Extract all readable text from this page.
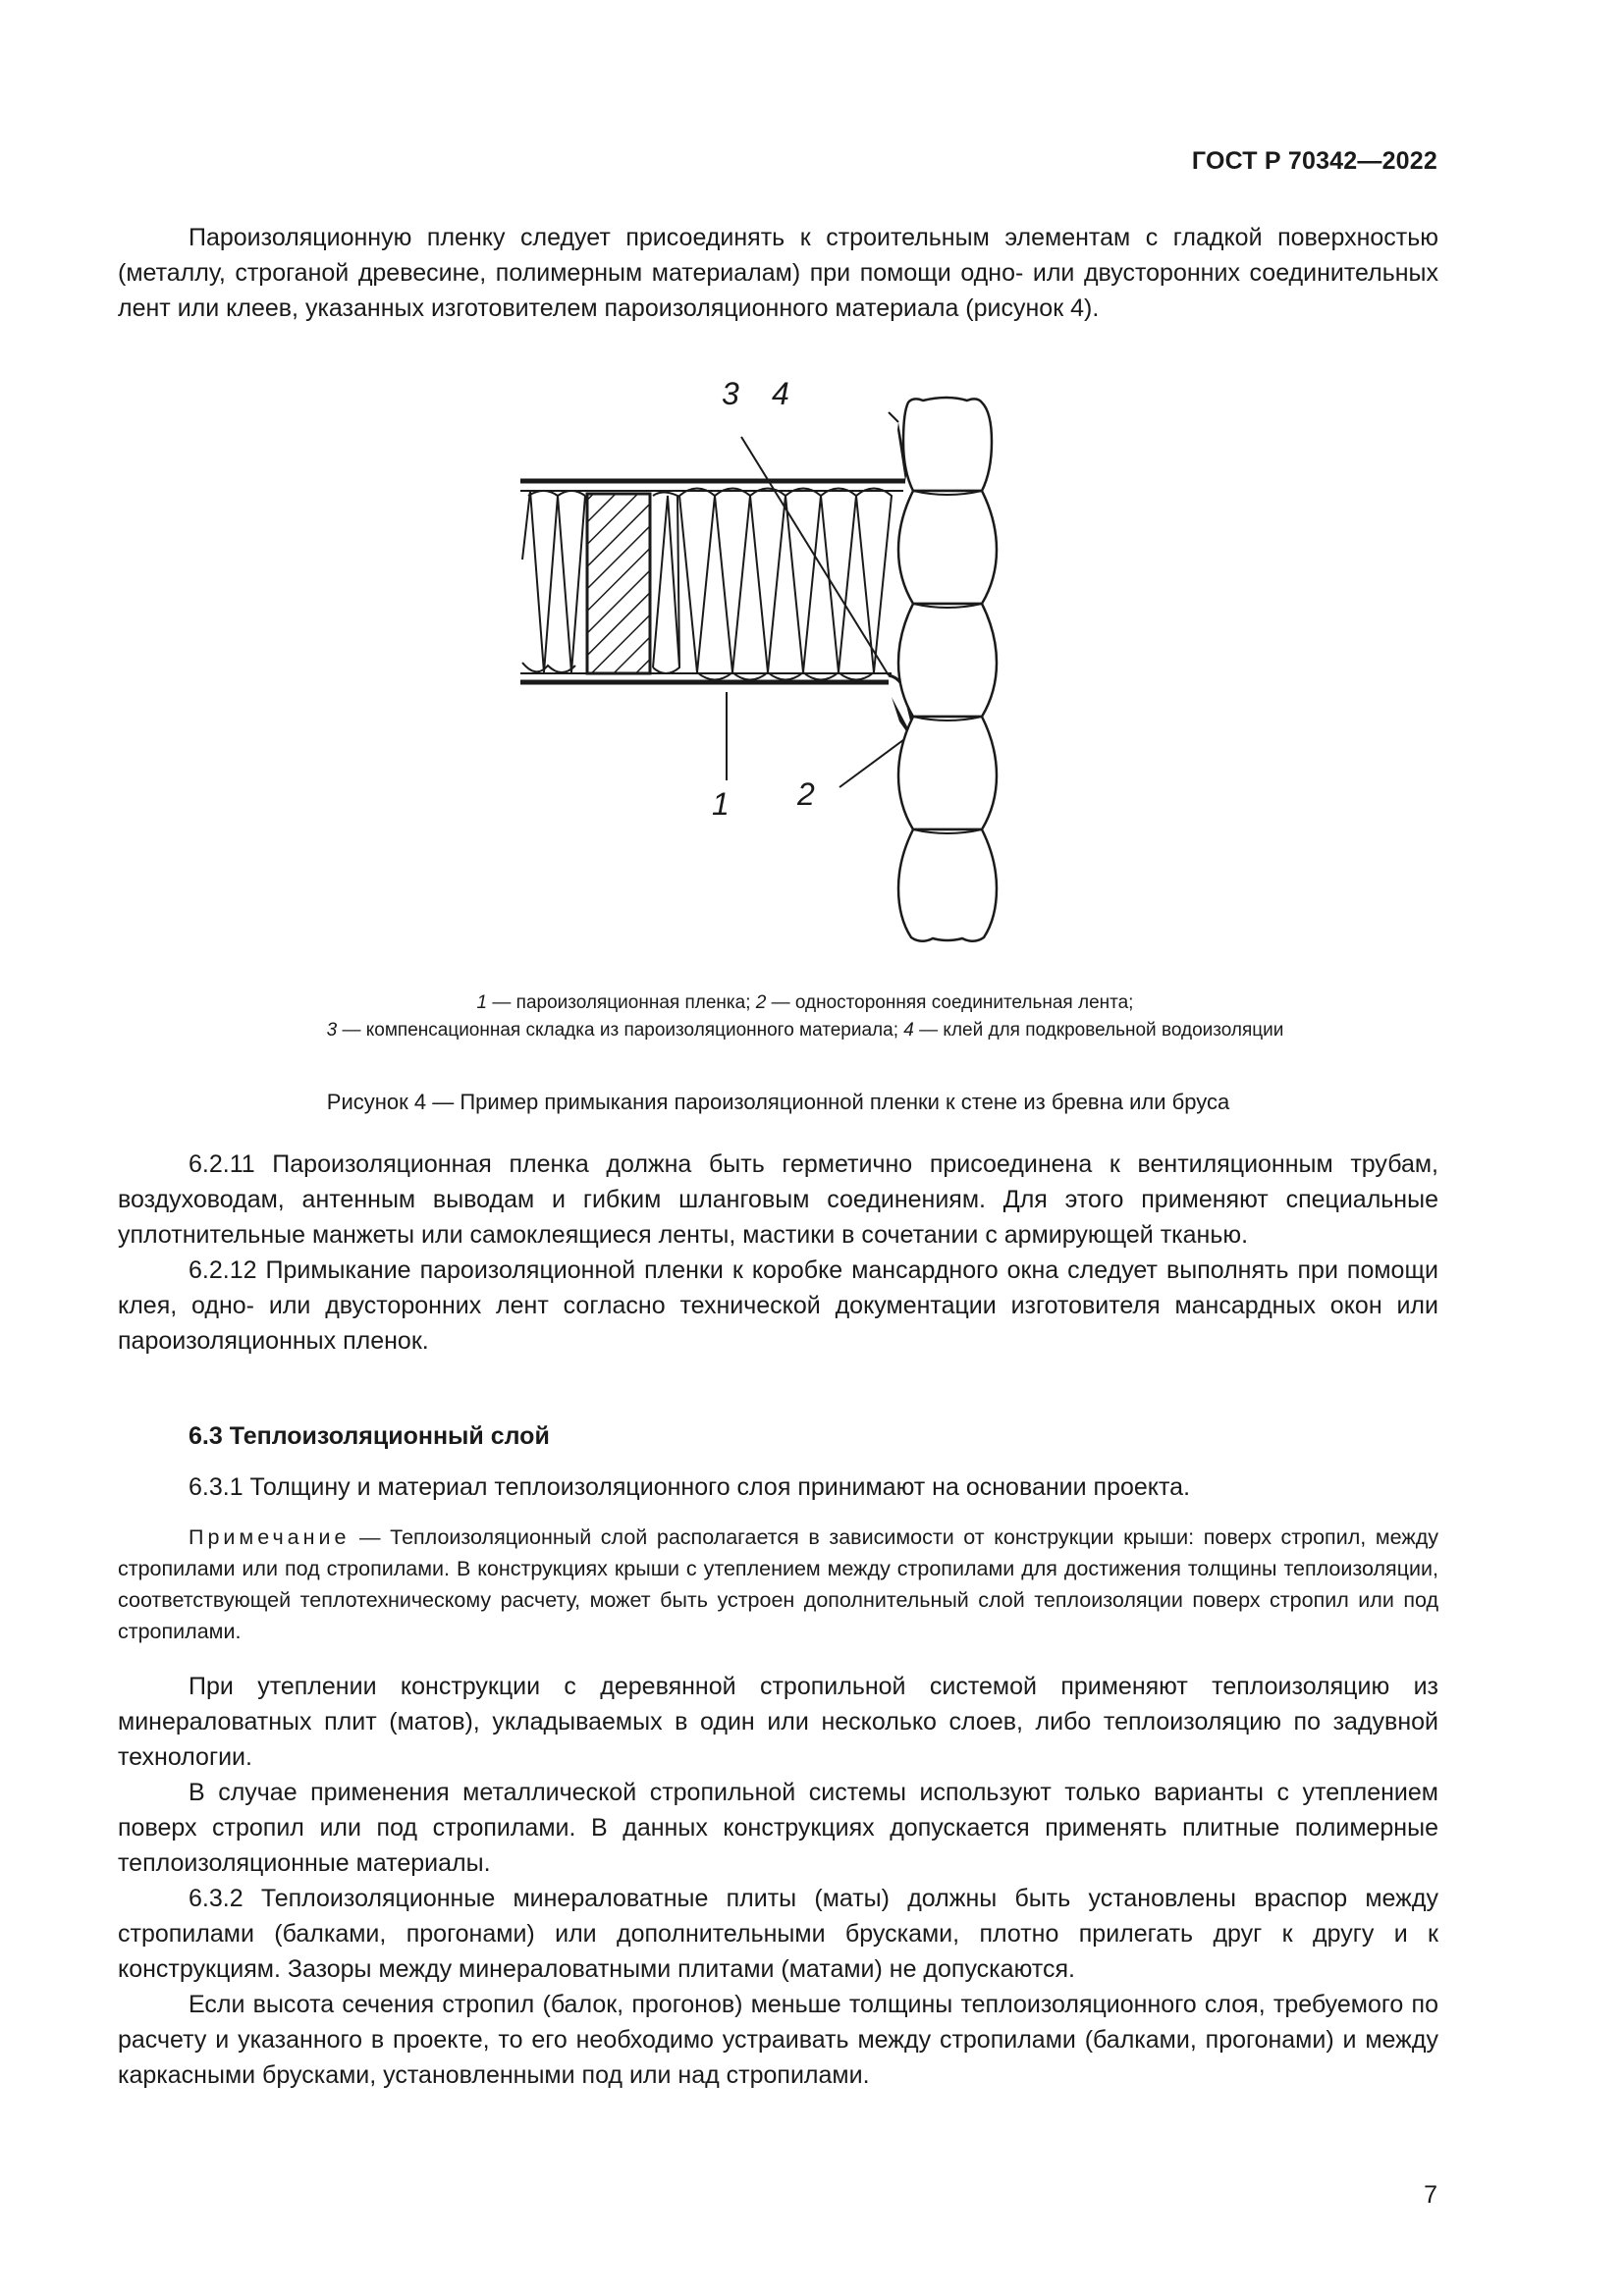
ГОСТ Р 70342—2022

Пароизоляционную пленку следует присоединять к строительным элементам с гладкой поверхностью (металлу, строганой древесине, полимерным материалам) при помощи одно- или двусторонних соединительных лент или клеев, указанных изготовителем пароизоляционного материала (рисунок 4).

3 4
1 2
1 — пароизоляционная пленка; 2 — односторонняя соединительная лента;
3 — компенсационная складка из пароизоляционного материала; 4 — клей для подкровельной водоизоляции
Рисунок 4 — Пример примыкания пароизоляционной пленки к стене из бревна или бруса

6.2.11 Пароизоляционная пленка должна быть герметично присоединена к вентиляционным трубам, воздуховодам, антенным выводам и гибким шланговым соединениям. Для этого применяют специальные уплотнительные манжеты или самоклеящиеся ленты, мастики в сочетании с армирующей тканью.

6.2.12 Примыкание пароизоляционной пленки к коробке мансардного окна следует выполнять при помощи клея, одно- или двусторонних лент согласно технической документации изготовителя мансардных окон или пароизоляционных пленок.

6.3 Теплоизоляционный слой

6.3.1 Толщину и материал теплоизоляционного слоя принимают на основании проекта.

Примечание — Теплоизоляционный слой располагается в зависимости от конструкции крыши: поверх стропил, между стропилами или под стропилами. В конструкциях крыши с утеплением между стропилами для достижения толщины теплоизоляции, соответствующей теплотехническому расчету, может быть устроен дополнительный слой теплоизоляции поверх стропил или под стропилами.

При утеплении конструкции с деревянной стропильной системой применяют теплоизоляцию из минераловатных плит (матов), укладываемых в один или несколько слоев, либо теплоизоляцию по задувной технологии.

В случае применения металлической стропильной системы используют только варианты с утеплением поверх стропил или под стропилами. В данных конструкциях допускается применять плитные полимерные теплоизоляционные материалы.

6.3.2 Теплоизоляционные минераловатные плиты (маты) должны быть установлены враспор между стропилами (балками, прогонами) или дополнительными брусками, плотно прилегать друг к другу и к конструкциям. Зазоры между минераловатными плитами (матами) не допускаются.

Если высота сечения стропил (балок, прогонов) меньше толщины теплоизоляционного слоя, требуемого по расчету и указанного в проекте, то его необходимо устраивать между стропилами (балками, прогонами) и между каркасными брусками, установленными под или над стропилами.

7
